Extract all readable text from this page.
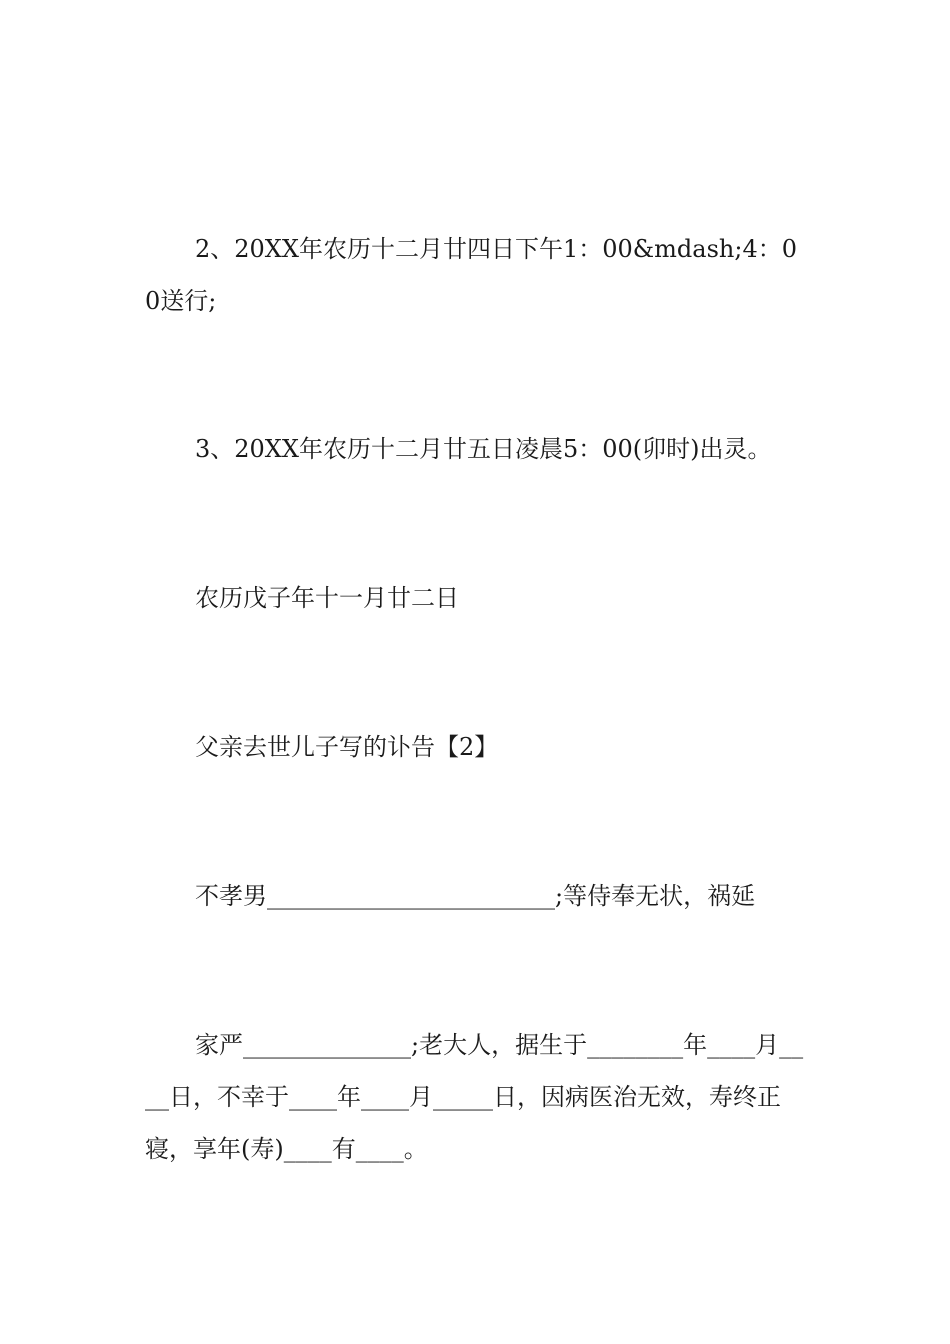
2、20XX年农历十二月廿四日下午1：00&mdash;4：00送行;

3、20XX年农历十二月廿五日凌晨5：00(卯时)出灵。

农历戊子年十一月廿二日

父亲去世儿子写的讣告【2】

不孝男________________________;等侍奉无状，祸延

家严______________;老大人，据生于________年____月____日，不幸于____年____月_____日，因病医治无效，寿终正寝，享年(寿)____有____。
